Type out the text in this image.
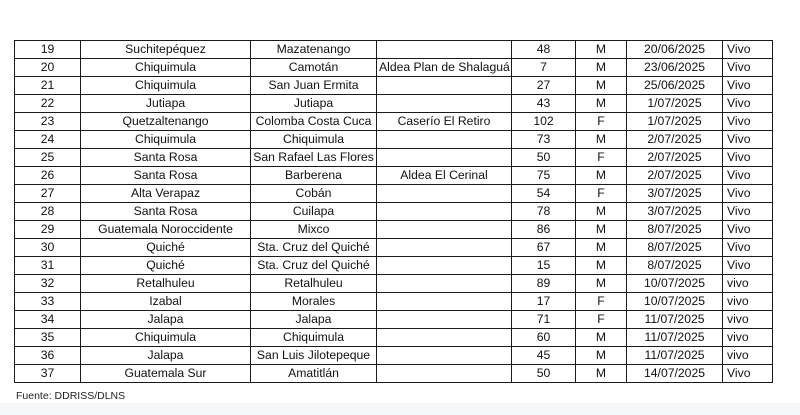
19	Suchitepéquez	Mazatenango		48	M	20/06/2025	Vivo
20	Chiquimula	Camotán	Aldea Plan de Shalaguá	7	M	23/06/2025	Vivo
21	Chiquimula	San Juan Ermita		27	M	25/06/2025	Vivo
22	Jutiapa	Jutiapa		43	M	1/07/2025	Vivo
23	Quetzaltenango	Colomba Costa Cuca	Caserío El Retiro	102	F	1/07/2025	Vivo
24	Chiquimula	Chiquimula		73	M	2/07/2025	Vivo
25	Santa Rosa	San Rafael Las Flores		50	F	2/07/2025	Vivo
26	Santa Rosa	Barberena	Aldea El Cerinal	75	M	2/07/2025	Vivo
27	Alta Verapaz	Cobán		54	F	3/07/2025	Vivo
28	Santa Rosa	Cuilapa		78	M	3/07/2025	Vivo
29	Guatemala Noroccidente	Mixco		86	M	8/07/2025	Vivo
30	Quiché	Sta. Cruz del Quiché		67	M	8/07/2025	Vivo
31	Quiché	Sta. Cruz del Quiché		15	M	8/07/2025	Vivo
32	Retalhuleu	Retalhuleu		89	M	10/07/2025	vivo
33	Izabal	Morales		17	F	10/07/2025	vivo
34	Jalapa	Jalapa		71	F	11/07/2025	vivo
35	Chiquimula	Chiquimula		60	M	11/07/2025	vivo
36	Jalapa	San Luis Jilotepeque		45	M	11/07/2025	vivo
37	Guatemala Sur	Amatitlán		50	M	14/07/2025	Vivo
Fuente: DDRISS/DLNS
